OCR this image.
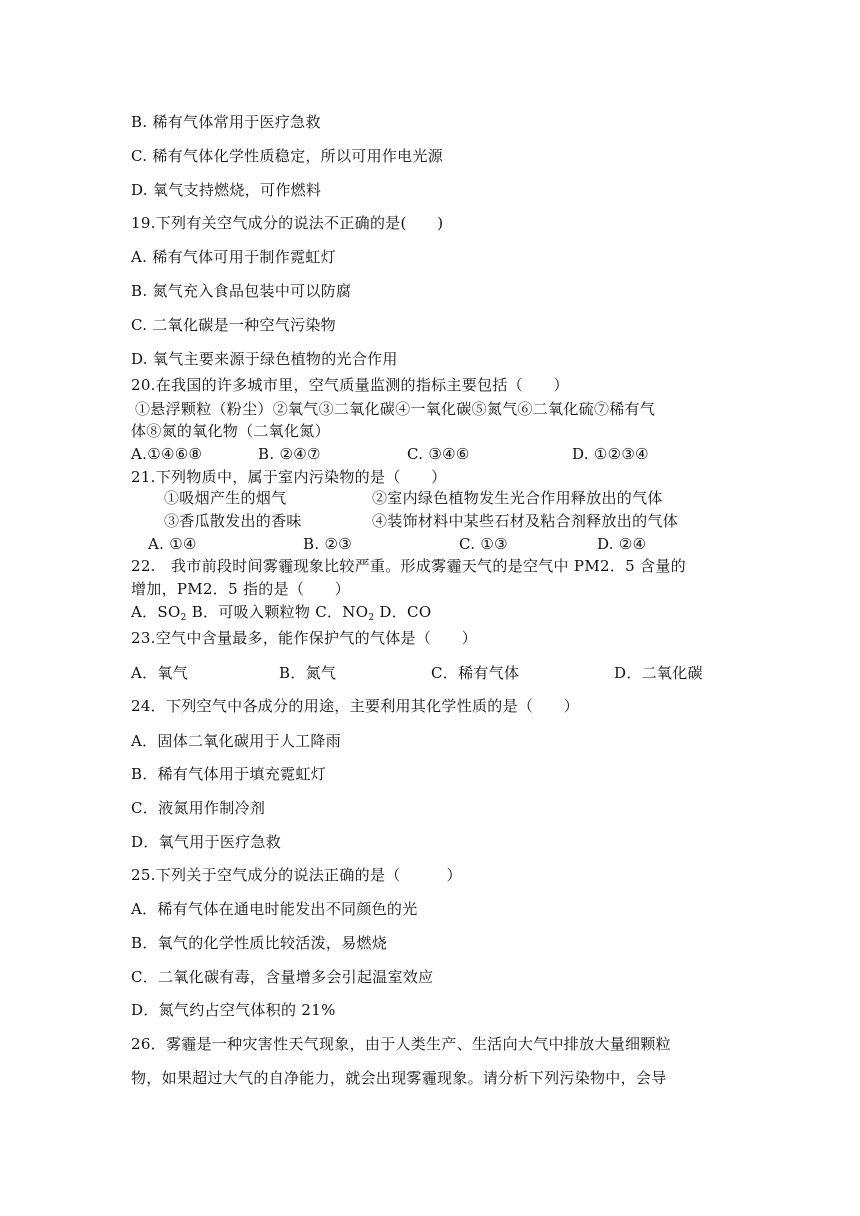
B. 稀有气体常用于医疗急救
C. 稀有气体化学性质稳定，所以可用作电光源
D. 氧气支持燃烧，可作燃料
19.下列有关空气成分的说法不正确的是(　　)
A. 稀有气体可用于制作霓虹灯
B. 氮气充入食品包装中可以防腐
C. 二氧化碳是一种空气污染物
D. 氧气主要来源于绿色植物的光合作用
20.在我国的许多城市里，空气质量监测的指标主要包括（　　）
①悬浮颗粒（粉尘）②氧气③二氧化碳④一氧化碳⑤氮气⑥二氧化硫⑦稀有气
体⑧氮的氧化物（二氧化氮）
A.①④⑥⑧	B. ②④⑦	C. ③④⑥	D. ①②③④
21.下列物质中，属于室内污染物的是（　　）
①吸烟产生的烟气	②室内绿色植物发生光合作用释放出的气体
③香瓜散发出的香味	④装饰材料中某些石材及粘合剂释放出的气体
A. ①④	B. ②③	C. ①③	D. ②④
22.　我市前段时间雾霾现象比较严重。形成雾霾天气的是空气中 PM2．5 含量的
增加，PM2．5 指的是（　　）
A．$SO_2$ B．可吸入颗粒物 C．$NO_2$ D．CO
23.空气中含量最多，能作保护气的气体是（　　）
A．氧气	B．氮气	C．稀有气体	D．二氧化碳
24．下列空气中各成分的用途，主要利用其化学性质的是（　　）
A．固体二氧化碳用于人工降雨
B．稀有气体用于填充霓虹灯
C．液氮用作制冷剂
D．氧气用于医疗急救
25.下列关于空气成分的说法正确的是（　　　）
A．稀有气体在通电时能发出不同颜色的光
B．氧气的化学性质比较活泼，易燃烧
C．二氧化碳有毒，含量增多会引起温室效应
D．氮气约占空气体积的 21%
26．雾霾是一种灾害性天气现象，由于人类生产、生活向大气中排放大量细颗粒
物，如果超过大气的自净能力，就会出现雾霾现象。请分析下列污染物中，会导
